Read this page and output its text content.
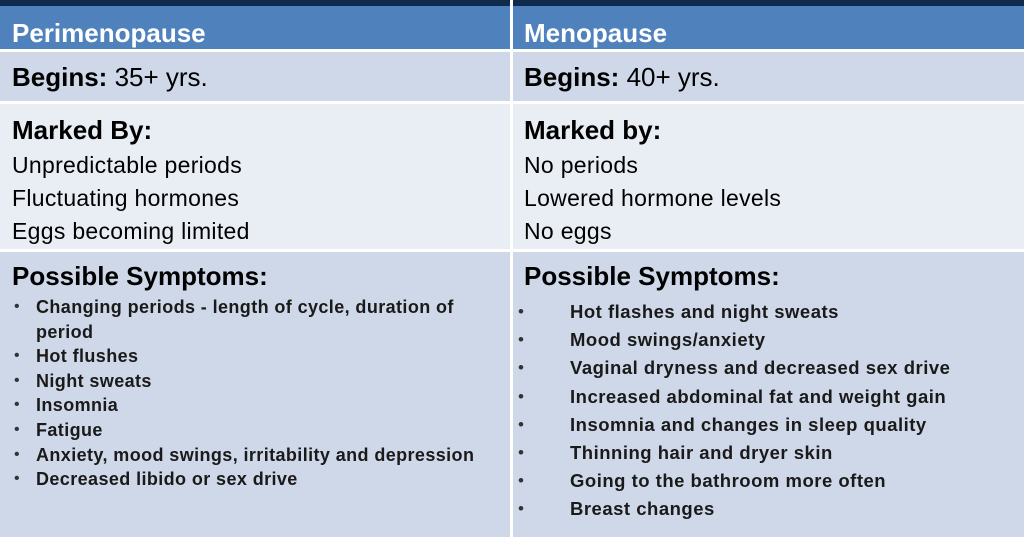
Perimenopause	Menopause
Begins: 35+ yrs.	Begins: 40+ yrs.
Marked By:
Unpredictable periods
Fluctuating hormones
Eggs becoming limited
Marked by:
No periods
Lowered hormone levels
No eggs
Possible Symptoms:
• Changing periods - length of cycle, duration of period
• Hot flushes
• Night sweats
• Insomnia
• Fatigue
• Anxiety, mood swings, irritability and depression
• Decreased libido or sex drive
Possible Symptoms:
• Hot flashes and night sweats
• Mood swings/anxiety
• Vaginal dryness and decreased sex drive
• Increased abdominal fat and weight gain
• Insomnia and changes in sleep quality
• Thinning hair and dryer skin
• Going to the bathroom more often
• Breast changes
